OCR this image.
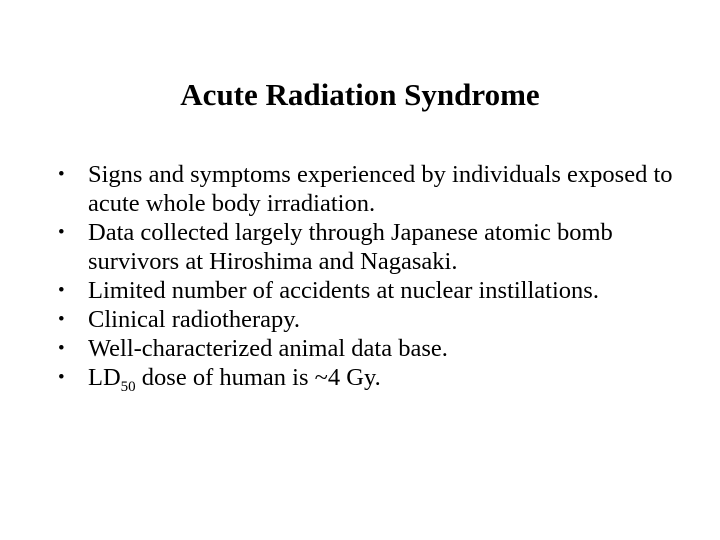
Acute Radiation Syndrome
• Signs and symptoms experienced by individuals exposed to acute whole body irradiation.
• Data collected largely through Japanese atomic bomb survivors at Hiroshima and Nagasaki.
• Limited number of accidents at nuclear instillations.
• Clinical radiotherapy.
• Well-characterized animal data base.
• $LD_{50}$ dose of human is ~4 Gy.
